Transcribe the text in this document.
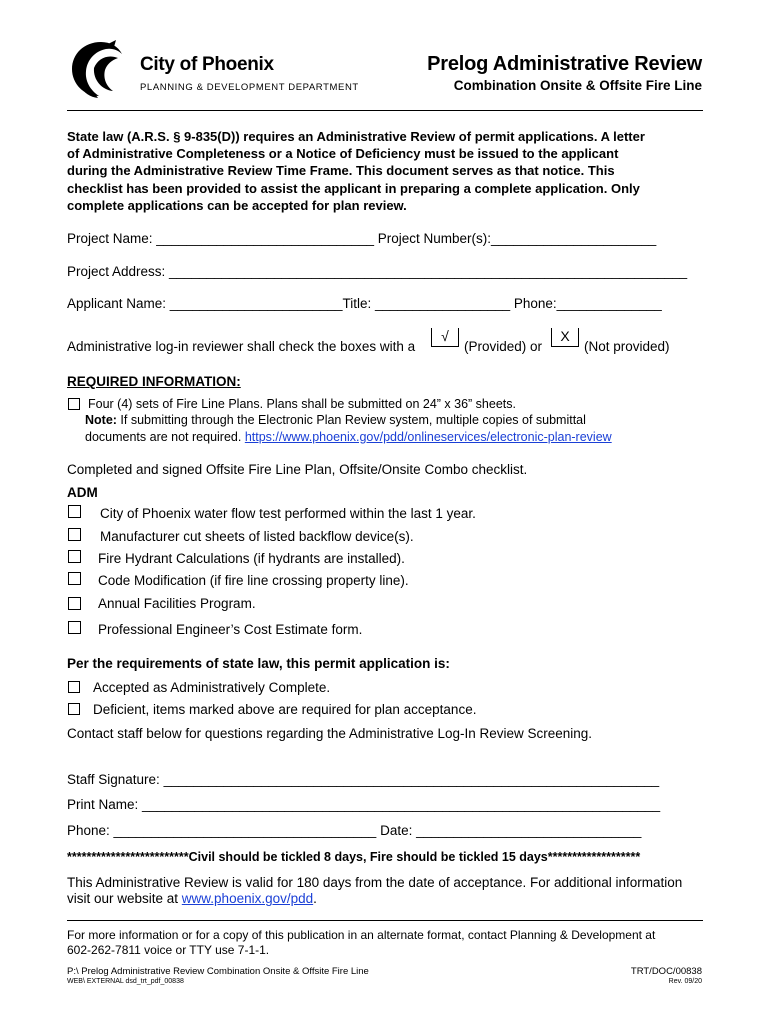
City of Phoenix
PLANNING & DEVELOPMENT DEPARTMENT
Prelog Administrative Review
Combination Onsite & Offsite Fire Line
State law (A.R.S. § 9-835(D)) requires an Administrative Review of permit applications. A letter
of Administrative Completeness or a Notice of Deficiency must be issued to the applicant
during the Administrative Review Time Frame. This document serves as that notice. This
checklist has been provided to assist the applicant in preparing a complete application. Only
complete applications can be accepted for plan review.
Project Name: _____________________________ Project Number(s):______________________
Project Address: _____________________________________________________________________
Applicant Name: _______________________Title: __________________ Phone:______________
Administrative log-in reviewer shall check the boxes with a
√
(Provided) or
X
(Not provided)
REQUIRED INFORMATION:
Four (4) sets of Fire Line Plans. Plans shall be submitted on 24” x 36” sheets.
Note: If submitting through the Electronic Plan Review system, multiple copies of submittal
documents are not required. https://www.phoenix.gov/pdd/onlineservices/electronic-plan-review
Completed and signed Offsite Fire Line Plan, Offsite/Onsite Combo checklist.
ADM
City of Phoenix water flow test performed within the last 1 year.
Manufacturer cut sheets of listed backflow device(s).
Fire Hydrant Calculations (if hydrants are installed).
Code Modification (if fire line crossing property line).
Annual Facilities Program.
Professional Engineer’s Cost Estimate form.
Per the requirements of state law, this permit application is:
Accepted as Administratively Complete.
Deficient, items marked above are required for plan acceptance.
Contact staff below for questions regarding the Administrative Log-In Review Screening.
Staff Signature: __________________________________________________________________
Print Name: _____________________________________________________________________
Phone: ___________________________________ Date: ______________________________
*************************Civil should be tickled 8 days, Fire should be tickled 15 days*******************
This Administrative Review is valid for 180 days from the date of acceptance. For additional information
visit our website at www.phoenix.gov/pdd.
For more information or for a copy of this publication in an alternate format, contact Planning & Development at
602-262-7811 voice or TTY use 7-1-1.
P:\ Prelog Administrative Review Combination Onsite & Offsite Fire Line
WEB\ EXTERNAL dsd_trt_pdf_00838
TRT/DOC/00838
Rev. 09/20
